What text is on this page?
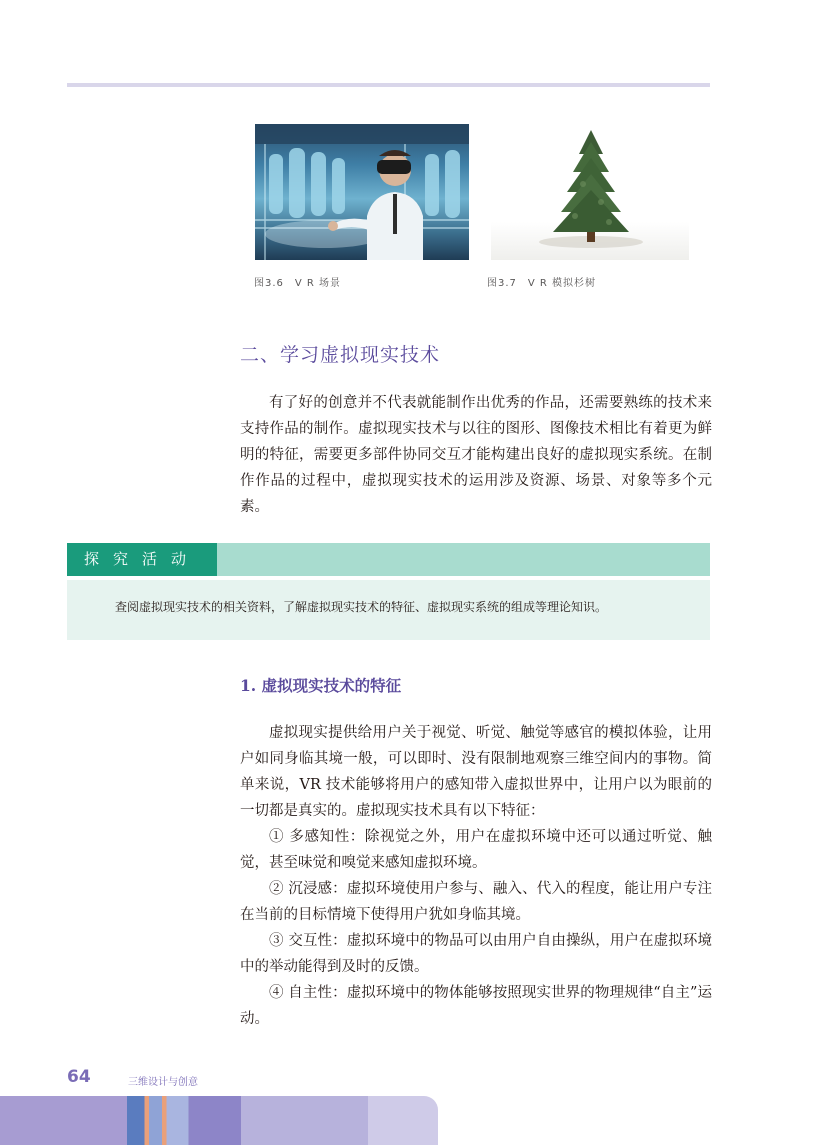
图3.6　V R 场景	图3.7　V R 模拟杉树
二、学习虚拟现实技术

有了好的创意并不代表就能制作出优秀的作品，还需要熟练的技术来支持作品的制作。虚拟现实技术与以往的图形、图像技术相比有着更为鲜明的特征，需要更多部件协同交互才能构建出良好的虚拟现实系统。在制作作品的过程中，虚拟现实技术的运用涉及资源、场景、对象等多个元素。

探究活动

查阅虚拟现实技术的相关资料，了解虚拟现实技术的特征、虚拟现实系统的组成等理论知识。

1. 虚拟现实技术的特征

虚拟现实提供给用户关于视觉、听觉、触觉等感官的模拟体验，让用户如同身临其境一般，可以即时、没有限制地观察三维空间内的事物。简单来说，VR 技术能够将用户的感知带入虚拟世界中，让用户以为眼前的一切都是真实的。虚拟现实技术具有以下特征：

① 多感知性：除视觉之外，用户在虚拟环境中还可以通过听觉、触觉，甚至味觉和嗅觉来感知虚拟环境。

② 沉浸感：虚拟环境使用户参与、融入、代入的程度，能让用户专注在当前的目标情境下使得用户犹如身临其境。

③ 交互性：虚拟环境中的物品可以由用户自由操纵，用户在虚拟环境中的举动能得到及时的反馈。

④ 自主性：虚拟环境中的物体能够按照现实世界的物理规律“自主”运动。

64	三维设计与创意
